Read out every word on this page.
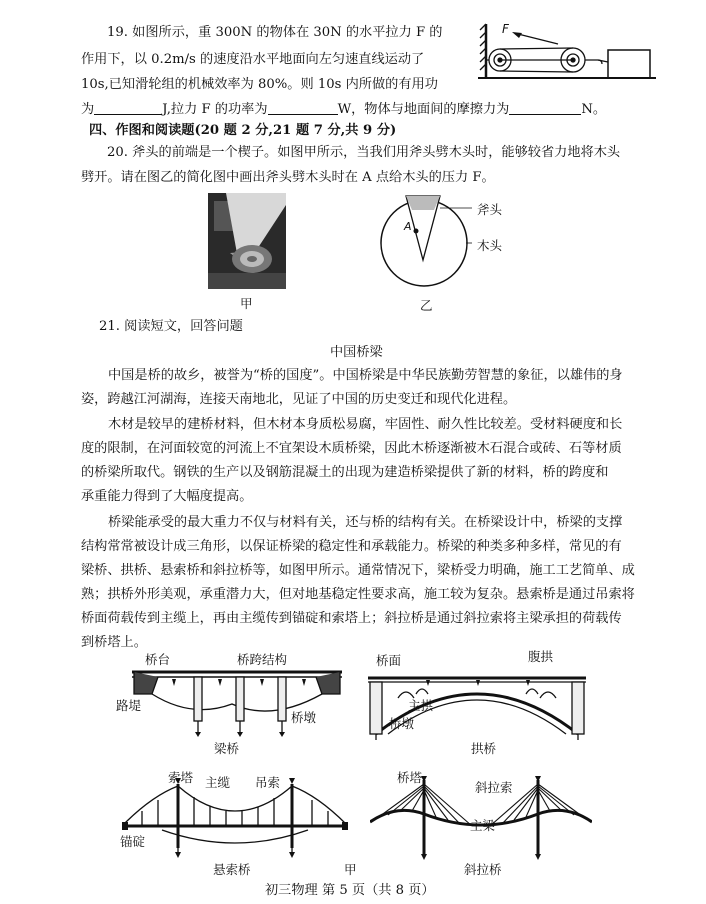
19. 如图所示，重 300N 的物体在 30N 的水平拉力 F 的
作用下，以 0.2m/s 的速度沿水平地面向左匀速直线运动了
10s,已知滑轮组的机械效率为 80%。则 10s 内所做的有用功
为	J,拉力 F 的功率为	W，物体与地面间的摩擦力为	N。
F
四、作图和阅读题(20 题 2 分,21 题 7 分,共 9 分)
20. 斧头的前端是一个楔子。如图甲所示，当我们用斧头劈木头时，能够较省力地将木头
劈开。请在图乙的简化图中画出斧头劈木头时在 A 点给木头的压力 F。
甲
A
斧头
木头
乙
21. 阅读短文，回答问题
中国桥梁
中国是桥的故乡，被誉为“桥的国度”。中国桥梁是中华民族勤劳智慧的象征，以雄伟的身
姿，跨越江河湖海，连接天南地北，见证了中国的历史变迁和现代化进程。
木材是较早的建桥材料，但木材本身质松易腐，牢固性、耐久性比较差。受材料硬度和长
度的限制，在河面较宽的河流上不宜架设木质桥梁，因此木桥逐渐被木石混合或砖、石等材质
的桥梁所取代。钢铁的生产以及钢筋混凝土的出现为建造桥梁提供了新的材料，桥的跨度和
承重能力得到了大幅度提高。
桥梁能承受的最大重力不仅与材料有关，还与桥的结构有关。在桥梁设计中，桥梁的支撑
结构常常被设计成三角形，以保证桥梁的稳定性和承载能力。桥梁的种类多种多样，常见的有
梁桥、拱桥、悬索桥和斜拉桥等，如图甲所示。通常情况下，梁桥受力明确，施工工艺简单、成
熟；拱桥外形美观，承重潜力大，但对地基稳定性要求高，施工较为复杂。悬索桥是通过吊索将
桥面荷载传到主缆上，再由主缆传到锚碇和索塔上；斜拉桥是通过斜拉索将主梁承担的荷载传
到桥塔上。
桥台	桥跨结构
路堤
桥墩
梁桥
桥面	腹拱
主拱
桥墩
拱桥
索塔 主缆 吊索
锚碇
悬索桥
桥塔
斜拉索
主梁
斜拉桥
甲
初三物理 第 5 页（共 8 页）
